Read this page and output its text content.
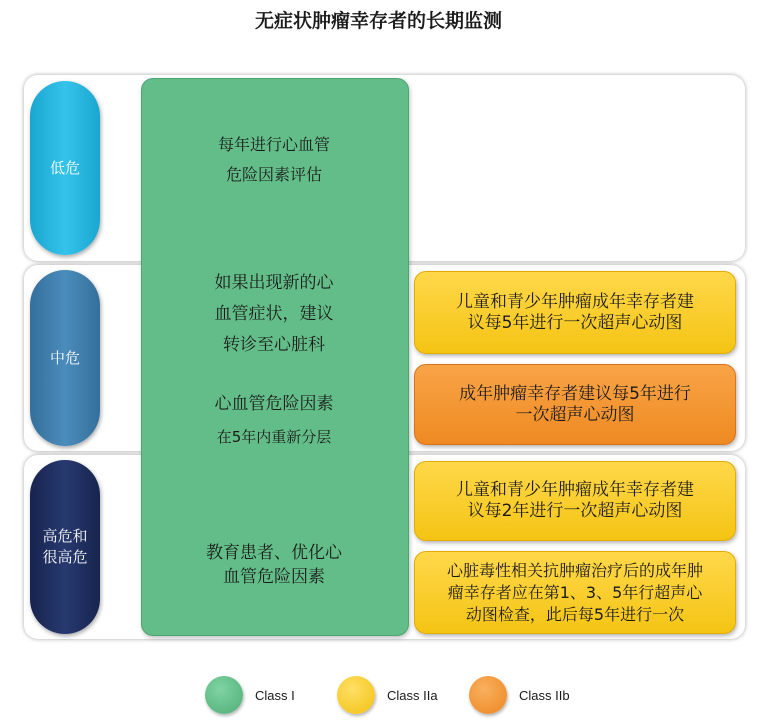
无症状肿瘤幸存者的长期监测
低危
中危
高危和
很高危
每年进行心血管
危险因素评估
如果出现新的心
血管症状，建议
转诊至心脏科
心血管危险因素
在5年内重新分层
教育患者、优化心
血管危险因素
儿童和青少年肿瘤成年幸存者建
议每5年进行一次超声心动图
成年肿瘤幸存者建议每5年进行
一次超声心动图
儿童和青少年肿瘤成年幸存者建
议每2年进行一次超声心动图
心脏毒性相关抗肿瘤治疗后的成年肿
瘤幸存者应在第1、3、5年行超声心
动图检查，此后每5年进行一次
Class I	Class IIa	Class IIb
